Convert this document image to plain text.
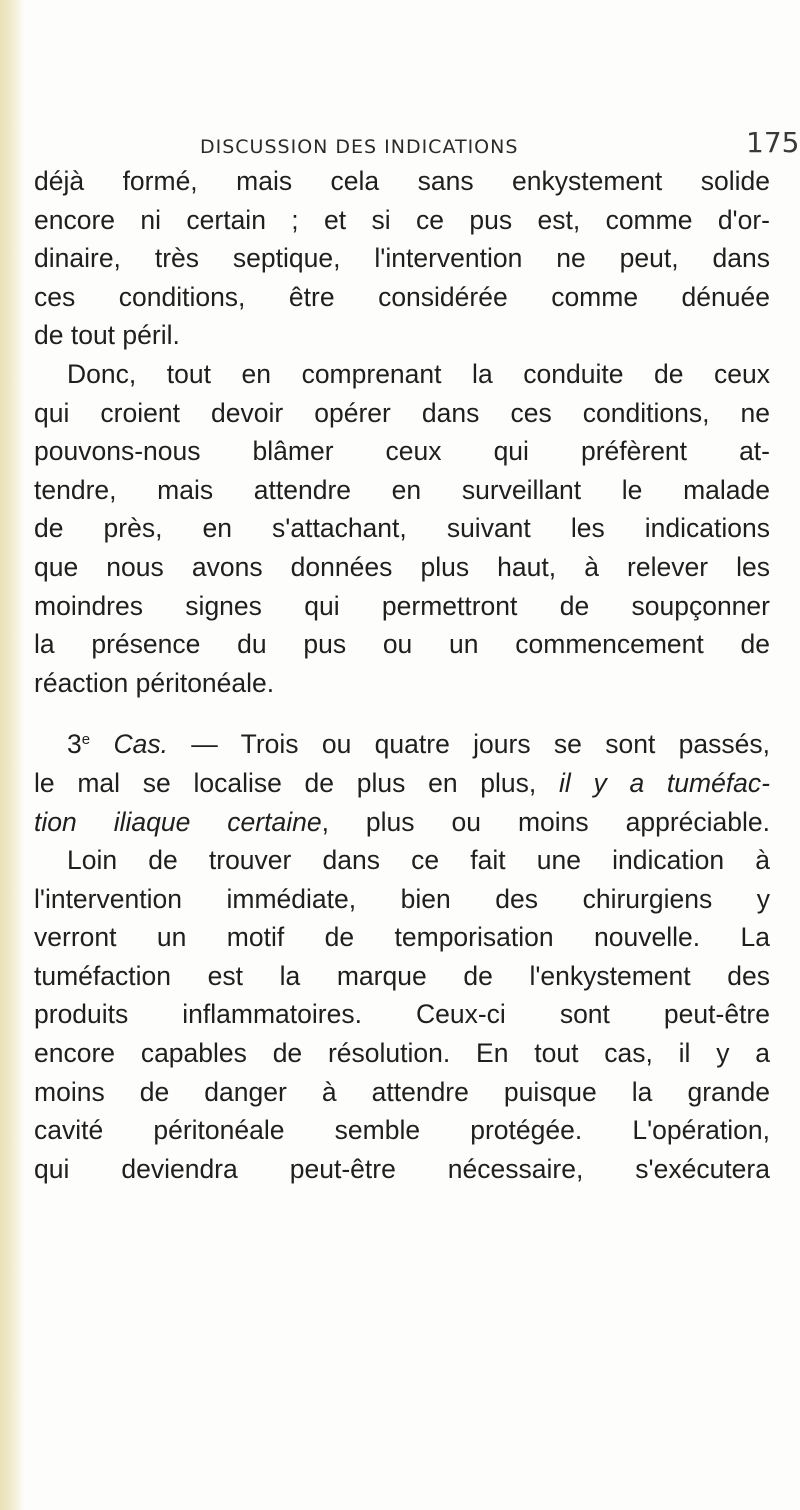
DISCUSSION DES INDICATIONS	175
déjà formé, mais cela sans enkystement solide
encore ni certain ; et si ce pus est, comme d'or-
dinaire, très septique, l'intervention ne peut, dans
ces conditions, être considérée comme dénuée
de tout péril.
Donc, tout en comprenant la conduite de ceux
qui croient devoir opérer dans ces conditions, ne
pouvons-nous blâmer ceux qui préfèrent at-
tendre, mais attendre en surveillant le malade
de près, en s'attachant, suivant les indications
que nous avons données plus haut, à relever les
moindres signes qui permettront de soupçonner
la présence du pus ou un commencement de
réaction péritonéale.
3e Cas. — Trois ou quatre jours se sont passés,
le mal se localise de plus en plus, il y a tuméfac-
tion iliaque certaine, plus ou moins appréciable.
Loin de trouver dans ce fait une indication à
l'intervention immédiate, bien des chirurgiens y
verront un motif de temporisation nouvelle. La
tuméfaction est la marque de l'enkystement des
produits inflammatoires. Ceux-ci sont peut-être
encore capables de résolution. En tout cas, il y a
moins de danger à attendre puisque la grande
cavité péritonéale semble protégée. L'opération,
qui deviendra peut-être nécessaire, s'exécutera
